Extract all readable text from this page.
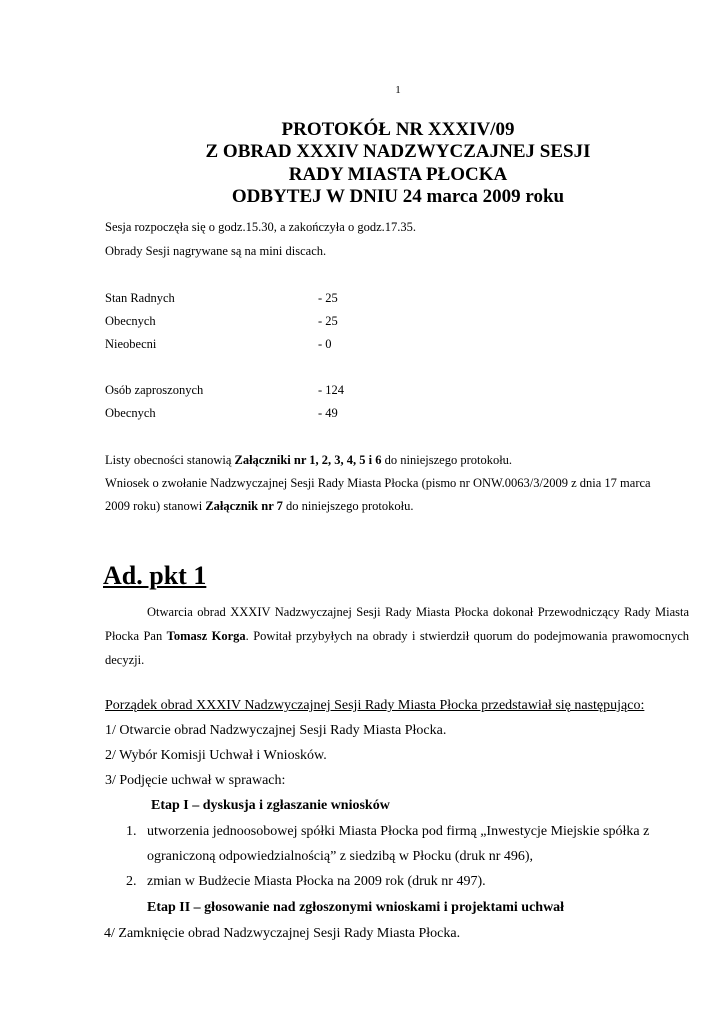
1
PROTOKÓŁ NR XXXIV/09
Z OBRAD XXXIV NADZWYCZAJNEJ SESJI
RADY MIASTA PŁOCKA
ODBYTEJ W DNIU 24 marca 2009 roku
Sesja rozpoczęła się o godz.15.30, a zakończyła o godz.17.35.
Obrady Sesji nagrywane są na mini discach.
Stan Radnych	- 25
Obecnych	- 25
Nieobecni	- 0
Osób zaproszonych	- 124
Obecnych	- 49
Listy obecności stanowią Załączniki nr 1, 2, 3, 4, 5 i 6 do niniejszego protokołu.
Wniosek o zwołanie Nadzwyczajnej Sesji Rady Miasta Płocka (pismo nr ONW.0063/3/2009 z dnia 17 marca
2009 roku) stanowi Załącznik nr 7 do niniejszego protokołu.
Ad. pkt 1
Otwarcia obrad XXXIV Nadzwyczajnej Sesji Rady Miasta Płocka dokonał Przewodniczący Rady Miasta Płocka Pan Tomasz Korga. Powitał przybyłych na obrady i stwierdził quorum do podejmowania prawomocnych decyzji.
Porządek obrad XXXIV Nadzwyczajnej Sesji Rady Miasta Płocka przedstawiał się następująco:
1/ Otwarcie obrad Nadzwyczajnej Sesji Rady Miasta Płocka.
2/ Wybór Komisji Uchwał i Wniosków.
3/ Podjęcie uchwał w sprawach:
Etap I – dyskusja i zgłaszanie wniosków
1. utworzenia jednoosobowej spółki Miasta Płocka pod firmą „Inwestycje Miejskie spółka z
ograniczoną odpowiedzialnością” z siedzibą w Płocku (druk nr 496),
2. zmian w Budżecie Miasta Płocka na 2009 rok (druk nr 497).
Etap II – głosowanie nad zgłoszonymi wnioskami i projektami uchwał
4/ Zamknięcie obrad Nadzwyczajnej Sesji Rady Miasta Płocka.
